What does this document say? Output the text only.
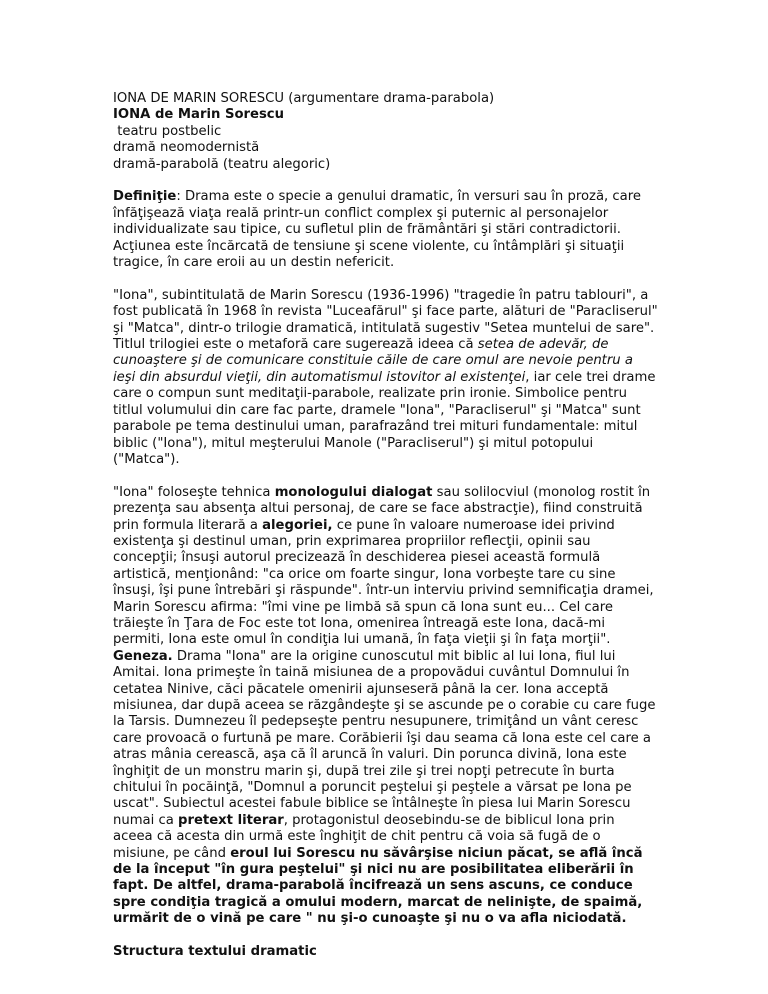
IONA DE MARIN SORESCU (argumentare drama-parabola)
IONA de Marin Sorescu
teatru postbelic
dramă neomodernistă
dramă-parabolă (teatru alegoric)

Definiţie: Drama este o specie a genului dramatic, în versuri sau în proză, care înfăţişează viaţa reală printr-un conflict complex şi puternic al personajelor individualizate sau tipice, cu sufletul plin de frământări şi stări contradictorii. Acţiunea este încărcată de tensiune şi scene violente, cu întâmplări şi situaţii tragice, în care eroii au un destin nefericit.

"Iona", subintitulată de Marin Sorescu (1936-1996) "tragedie în patru tablouri", a fost publicată în 1968 în revista "Luceafărul" şi face parte, alături de "Paracliserul" şi "Matca", dintr-o trilogie dramatică, intitulată sugestiv "Setea muntelui de sare". Titlul trilogiei este o metaforă care sugerează ideea că setea de adevăr, de cunoaştere şi de comunicare constituie căile de care omul are nevoie pentru a ieşi din absurdul vieţii, din automatismul istovitor al existenţei, iar cele trei drame care o compun sunt meditaţii-parabole, realizate prin ironie. Simbolice pentru titlul volumului din care fac parte, dramele "Iona", "Paracliserul" şi "Matca" sunt parabole pe tema destinului uman, parafrazând trei mituri fundamentale: mitul biblic ("Iona"), mitul meşterului Manole ("Paracliserul") şi mitul potopului ("Matca").

"Iona" foloseşte tehnica monologului dialogat sau solilocviul (monolog rostit în prezenţa sau absenţa altui personaj, de care se face abstracţie), fiind construită prin formula literară a alegoriei, ce pune în valoare numeroase idei privind existenţa şi destinul uman, prin exprimarea propriilor reflecţii, opinii sau concepţii; însuşi autorul precizează în deschiderea piesei această formulă artistică, menţionând: "ca orice om foarte singur, Iona vorbeşte tare cu sine însuşi, îşi pune întrebări şi răspunde". într-un interviu privind semnificaţia dramei, Marin Sorescu afirma: "îmi vine pe limbă să spun că Iona sunt eu... Cel care trăieşte în Ţara de Foc este tot Iona, omenirea întreagă este Iona, dacă-mi permiti, Iona este omul în condiţia lui umană, în faţa vieţii şi în faţa morţii".

Geneza. Drama "Iona" are la origine cunoscutul mit biblic al lui Iona, fiul lui Amitai. Iona primeşte în taină misiunea de a propovădui cuvântul Domnului în cetatea Ninive, căci păcatele omenirii ajunseseră până la cer. Iona acceptă misiunea, dar după aceea se răzgândeşte şi se ascunde pe o corabie cu care fuge la Tarsis. Dumnezeu îl pedepseşte pentru nesupunere, trimiţând un vânt ceresc care provoacă o furtună pe mare. Corăbierii îşi dau seama că Iona este cel care a atras mânia cerească, aşa că îl aruncă în valuri. Din porunca divină, Iona este înghiţit de un monstru marin şi, după trei zile şi trei nopţi petrecute în burta chitului în pocăinţă, "Domnul a poruncit peştelui şi peştele a vărsat pe Iona pe uscat". Subiectul acestei fabule biblice se întâlneşte în piesa lui Marin Sorescu numai ca pretext literar, protagonistul deosebindu-se de biblicul Iona prin aceea că acesta din urmă este înghiţit de chit pentru că voia să fugă de o misiune, pe când eroul lui Sorescu nu săvârşise niciun păcat, se află încă de la început "în gura peştelui" şi nici nu are posibilitatea eliberării în fapt. De altfel, drama-parabolă încifrează un sens ascuns, ce conduce spre condiţia tragică a omului modern, marcat de nelinişte, de spaimă, urmărit de o vină pe care " nu şi-o cunoaşte şi nu o va afla niciodată.

Structura textului dramatic
